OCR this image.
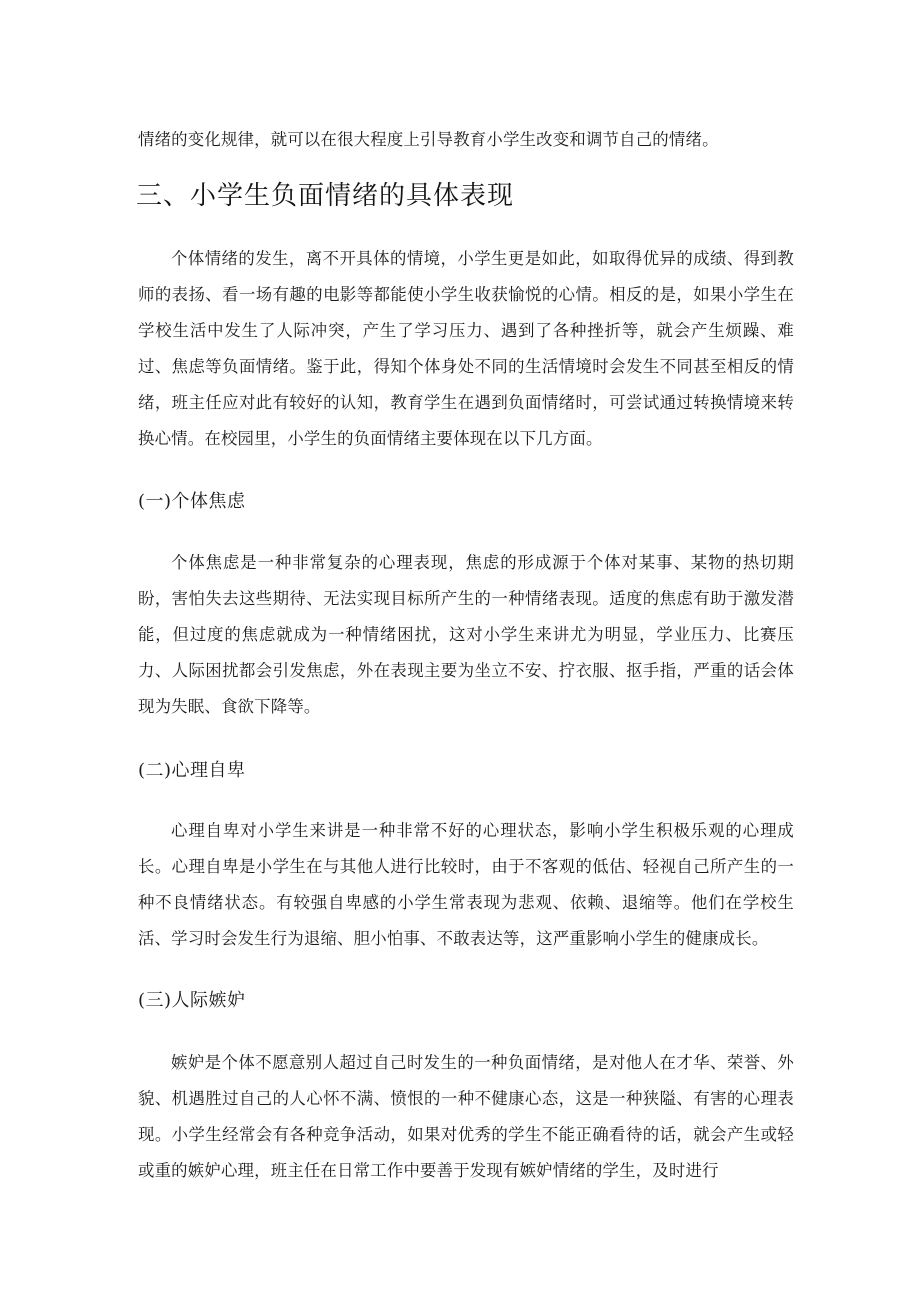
情绪的变化规律，就可以在很大程度上引导教育小学生改变和调节自己的情绪。

三、小学生负面情绪的具体表现

个体情绪的发生，离不开具体的情境，小学生更是如此，如取得优异的成绩、得到教师的表扬、看一场有趣的电影等都能使小学生收获愉悦的心情。相反的是，如果小学生在学校生活中发生了人际冲突，产生了学习压力、遇到了各种挫折等，就会产生烦躁、难过、焦虑等负面情绪。鉴于此，得知个体身处不同的生活情境时会发生不同甚至相反的情绪，班主任应对此有较好的认知，教育学生在遇到负面情绪时，可尝试通过转换情境来转换心情。在校园里，小学生的负面情绪主要体现在以下几方面。

(一)个体焦虑

个体焦虑是一种非常复杂的心理表现，焦虑的形成源于个体对某事、某物的热切期盼，害怕失去这些期待、无法实现目标所产生的一种情绪表现。适度的焦虑有助于激发潜能，但过度的焦虑就成为一种情绪困扰，这对小学生来讲尤为明显，学业压力、比赛压力、人际困扰都会引发焦虑，外在表现主要为坐立不安、拧衣服、抠手指，严重的话会体现为失眠、食欲下降等。

(二)心理自卑

心理自卑对小学生来讲是一种非常不好的心理状态，影响小学生积极乐观的心理成长。心理自卑是小学生在与其他人进行比较时，由于不客观的低估、轻视自己所产生的一种不良情绪状态。有较强自卑感的小学生常表现为悲观、依赖、退缩等。他们在学校生活、学习时会发生行为退缩、胆小怕事、不敢表达等，这严重影响小学生的健康成长。

(三)人际嫉妒

嫉妒是个体不愿意别人超过自己时发生的一种负面情绪，是对他人在才华、荣誉、外貌、机遇胜过自己的人心怀不满、愤恨的一种不健康心态，这是一种狭隘、有害的心理表现。小学生经常会有各种竞争活动，如果对优秀的学生不能正确看待的话，就会产生或轻或重的嫉妒心理，班主任在日常工作中要善于发现有嫉妒情绪的学生，及时进行
